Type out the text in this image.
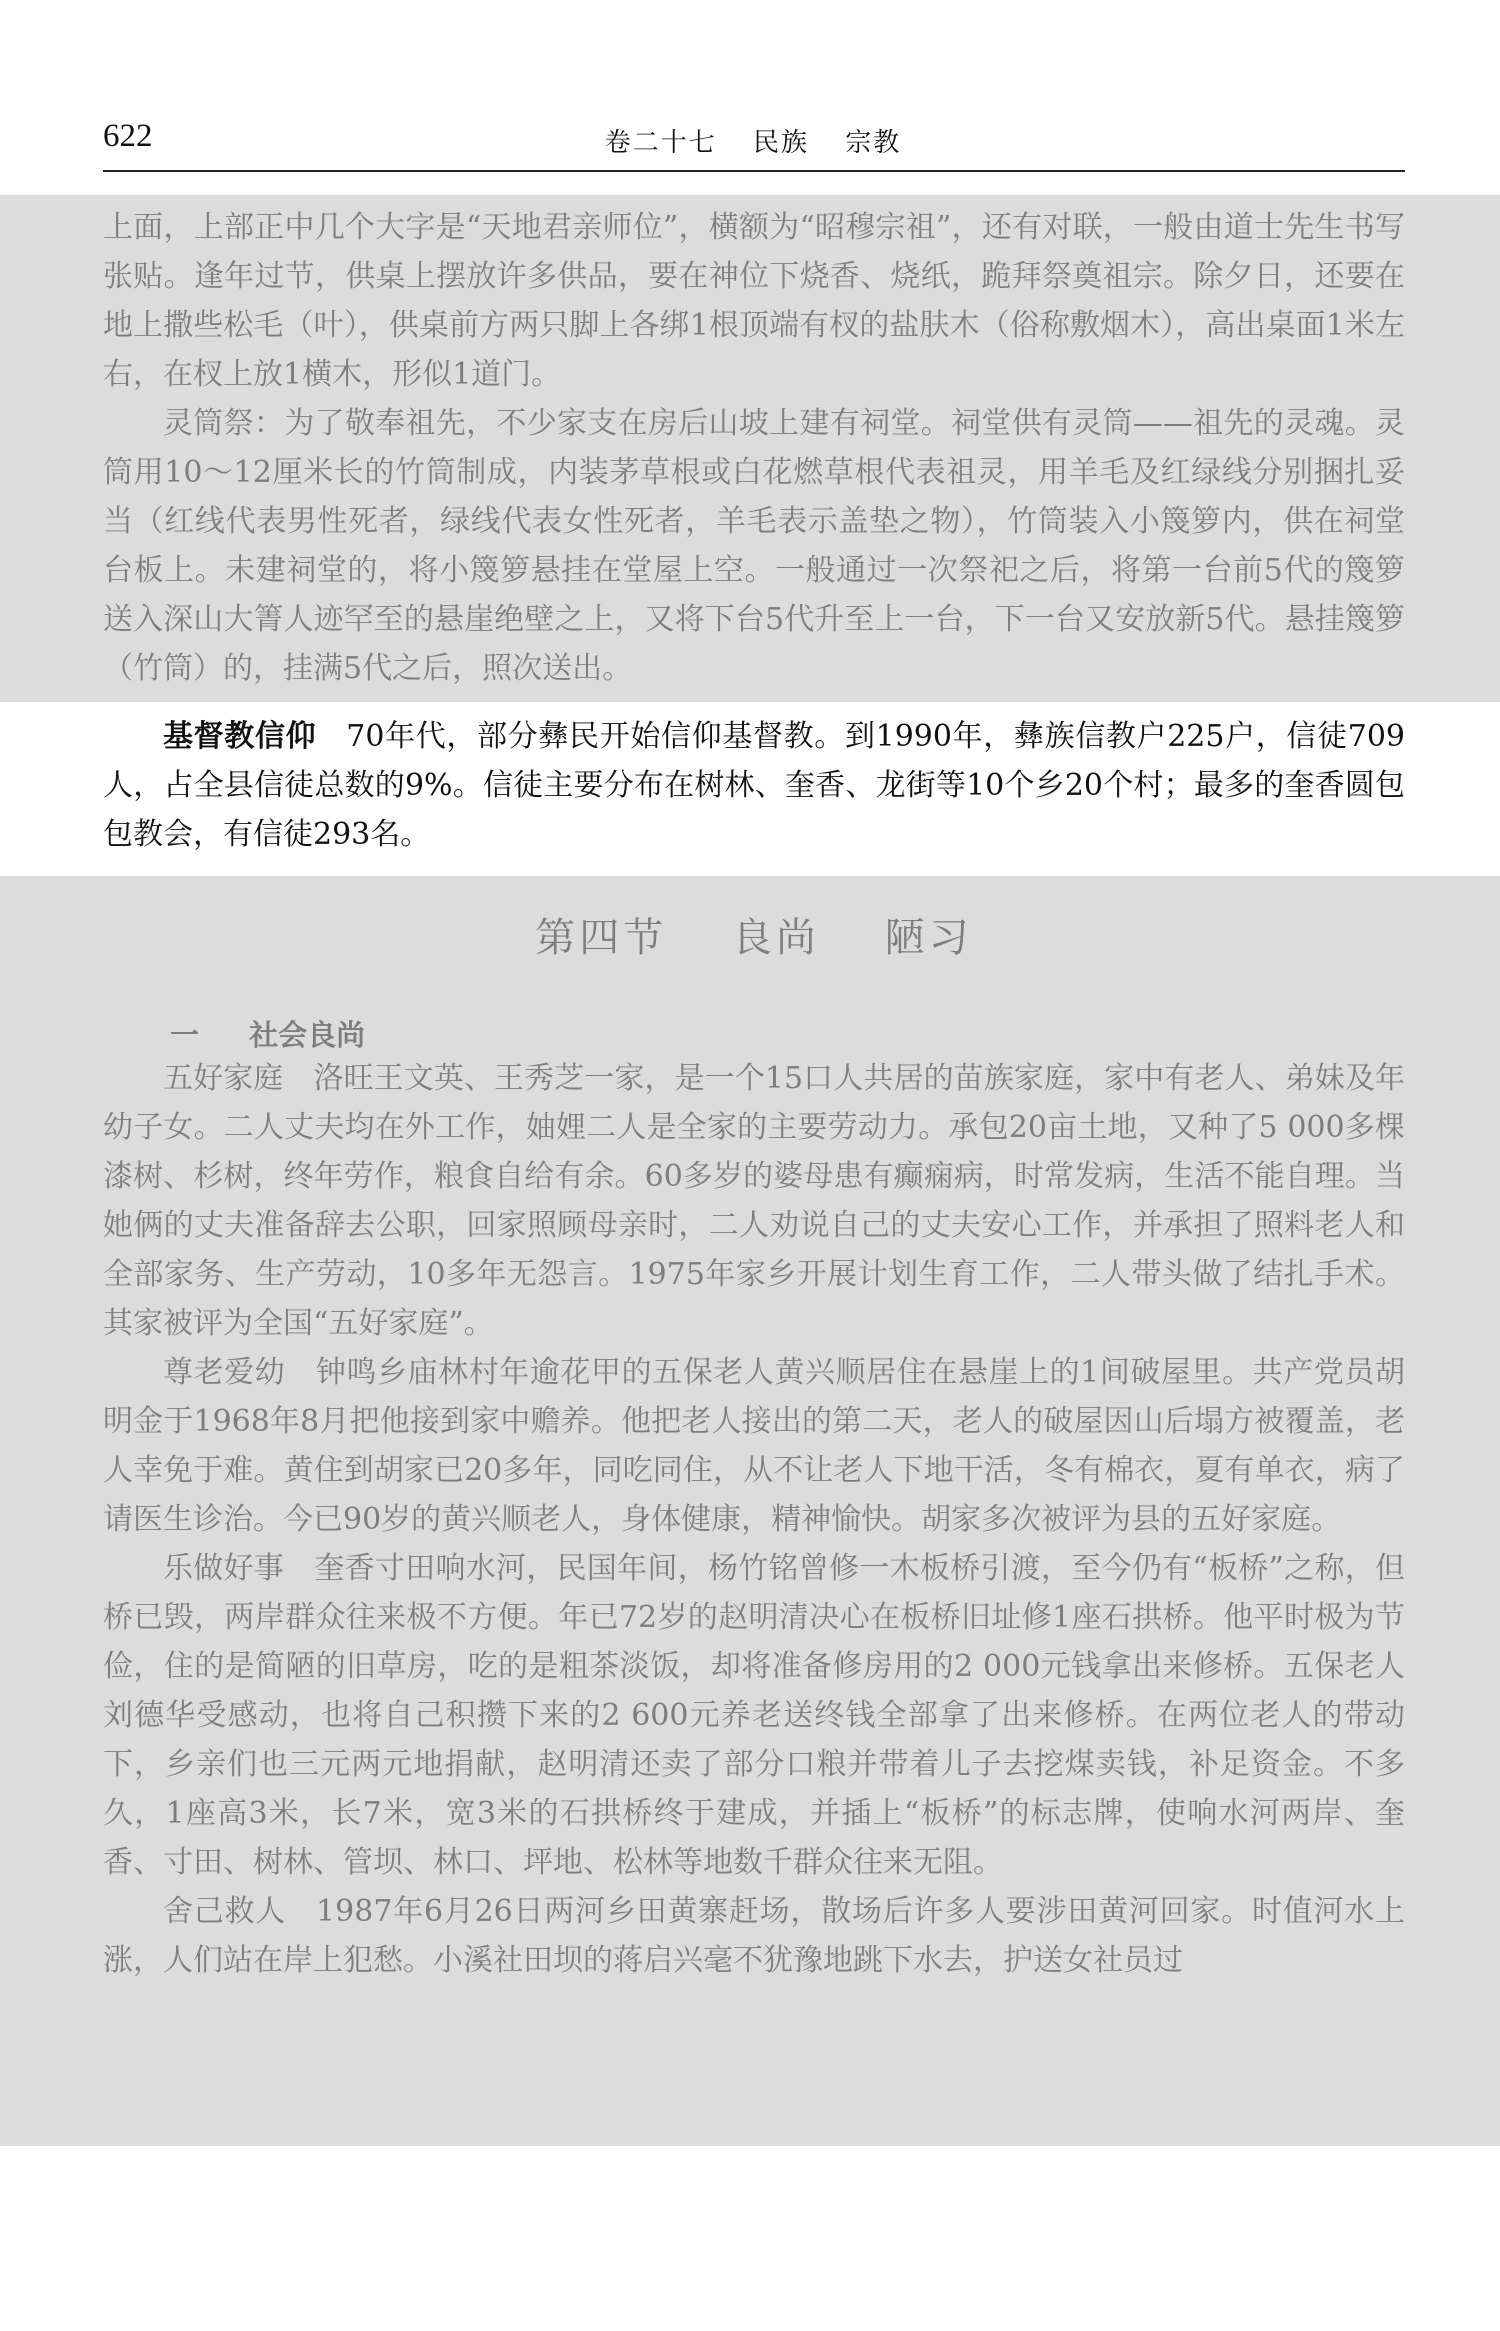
622	卷二十七 民族 宗教

上面，上部正中几个大字是“天地君亲师位”，横额为“昭穆宗祖”，还有对联，一般由道士先生书写张贴。逢年过节，供桌上摆放许多供品，要在神位下烧香、烧纸，跪拜祭奠祖宗。除夕日，还要在地上撒些松毛（叶），供桌前方两只脚上各绑1根顶端有杈的盐肤木（俗称敷烟木），高出桌面1米左右，在杈上放1横木，形似1道门。

灵筒祭：为了敬奉祖先，不少家支在房后山坡上建有祠堂。祠堂供有灵筒——祖先的灵魂。灵筒用10～12厘米长的竹筒制成，内装茅草根或白花燃草根代表祖灵，用羊毛及红绿线分别捆扎妥当（红线代表男性死者，绿线代表女性死者，羊毛表示盖垫之物），竹筒装入小篾箩内，供在祠堂台板上。未建祠堂的，将小篾箩悬挂在堂屋上空。一般通过一次祭祀之后，将第一台前5代的篾箩送入深山大箐人迹罕至的悬崖绝壁之上，又将下台5代升至上一台，下一台又安放新5代。悬挂篾箩（竹筒）的，挂满5代之后，照次送出。

基督教信仰  70年代，部分彝民开始信仰基督教。到1990年，彝族信教户225户，信徒709人，占全县信徒总数的9%。信徒主要分布在树林、奎香、龙街等10个乡20个村；最多的奎香圆包包教会，有信徒293名。

第四节 良尚 陋习
一 社会良尚

五好家庭  洛旺王文英、王秀芝一家，是一个15口人共居的苗族家庭，家中有老人、弟妹及年幼子女。二人丈夫均在外工作，妯娌二人是全家的主要劳动力。承包20亩土地，又种了5 000多棵漆树、杉树，终年劳作，粮食自给有余。60多岁的婆母患有癫痫病，时常发病，生活不能自理。当她俩的丈夫准备辞去公职，回家照顾母亲时，二人劝说自己的丈夫安心工作，并承担了照料老人和全部家务、生产劳动，10多年无怨言。1975年家乡开展计划生育工作，二人带头做了结扎手术。其家被评为全国“五好家庭”。

尊老爱幼  钟鸣乡庙林村年逾花甲的五保老人黄兴顺居住在悬崖上的1间破屋里。共产党员胡明金于1968年8月把他接到家中赡养。他把老人接出的第二天，老人的破屋因山后塌方被覆盖，老人幸免于难。黄住到胡家已20多年，同吃同住，从不让老人下地干活，冬有棉衣，夏有单衣，病了请医生诊治。今已90岁的黄兴顺老人，身体健康，精神愉快。胡家多次被评为县的五好家庭。

乐做好事  奎香寸田响水河，民国年间，杨竹铭曾修一木板桥引渡，至今仍有“板桥”之称，但桥已毁，两岸群众往来极不方便。年已72岁的赵明清决心在板桥旧址修1座石拱桥。他平时极为节俭，住的是简陋的旧草房，吃的是粗茶淡饭，却将准备修房用的2 000元钱拿出来修桥。五保老人刘德华受感动，也将自己积攒下来的2 600元养老送终钱全部拿了出来修桥。在两位老人的带动下，乡亲们也三元两元地捐献，赵明清还卖了部分口粮并带着儿子去挖煤卖钱，补足资金。不多久，1座高3米，长7米，宽3米的石拱桥终于建成，并插上“板桥”的标志牌，使响水河两岸、奎香、寸田、树林、管坝、林口、坪地、松林等地数千群众往来无阻。

舍己救人  1987年6月26日两河乡田黄寨赶场，散场后许多人要涉田黄河回家。时值河水上涨，人们站在岸上犯愁。小溪社田坝的蒋启兴毫不犹豫地跳下水去，护送女社员过
